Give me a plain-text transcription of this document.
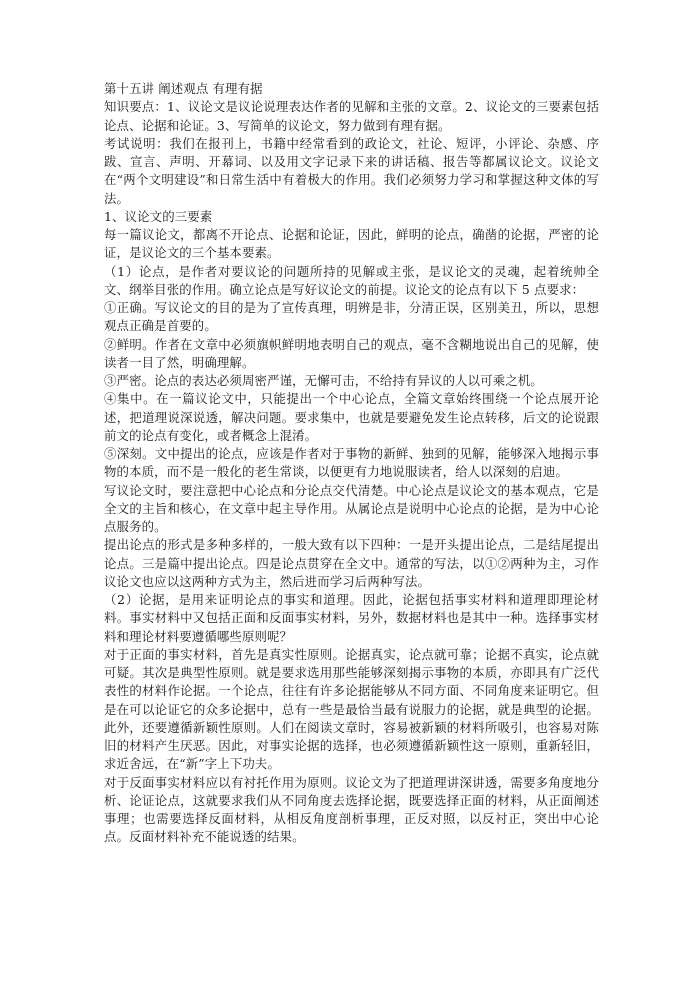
第十五讲 阐述观点 有理有据

知识要点：1、议论文是议论说理表达作者的见解和主张的文章。2、议论文的三要素包括论点、论据和论证。3、写简单的议论文，努力做到有理有据。

考试说明：我们在报刊上，书籍中经常看到的政论文，社论、短评，小评论、杂感、序跋、宣言、声明、开幕词、以及用文字记录下来的讲话稿、报告等都属议论文。议论文在“两个文明建设”和日常生活中有着极大的作用。我们必须努力学习和掌握这种文体的写法。

1、议论文的三要素

每一篇议论文，都离不开论点、论据和论证，因此，鲜明的论点，确凿的论据，严密的论证，是议论文的三个基本要素。

（1）论点，是作者对要议论的问题所持的见解或主张，是议论文的灵魂，起着统帅全文、纲举目张的作用。确立论点是写好议论文的前提。议论文的论点有以下 5 点要求：

①正确。写议论文的目的是为了宣传真理，明辨是非，分清正误，区别美丑，所以，思想观点正确是首要的。

②鲜明。作者在文章中必须旗帜鲜明地表明自己的观点，毫不含糊地说出自己的见解，使读者一目了然，明确理解。

③严密。论点的表达必须周密严谨，无懈可击，不给持有异议的人以可乘之机。

④集中。在一篇议论文中，只能提出一个中心论点，全篇文章始终围绕一个论点展开论述，把道理说深说透，解决问题。要求集中，也就是要避免发生论点转移，后文的论说跟前文的论点有变化，或者概念上混淆。

⑤深刻。文中提出的论点，应该是作者对于事物的新鲜、独到的见解，能够深入地揭示事物的本质，而不是一般化的老生常谈，以便更有力地说服读者，给人以深刻的启迪。

写议论文时，要注意把中心论点和分论点交代清楚。中心论点是议论文的基本观点，它是全文的主旨和核心，在文章中起主导作用。从属论点是说明中心论点的论据，是为中心论点服务的。

提出论点的形式是多种多样的，一般大致有以下四种：一是开头提出论点，二是结尾提出论点。三是篇中提出论点。四是论点贯穿在全文中。通常的写法，以①②两种为主，习作议论文也应以这两种方式为主，然后进而学习后两种写法。

（2）论据，是用来证明论点的事实和道理。因此，论据包括事实材料和道理即理论材料。事实材料中又包括正面和反面事实材料，另外，数据材料也是其中一种。选择事实材料和理论材料要遵循哪些原则呢？

对于正面的事实材料，首先是真实性原则。论据真实，论点就可靠；论据不真实，论点就可疑。其次是典型性原则。就是要求选用那些能够深刻揭示事物的本质，亦即具有广泛代表性的材料作论据。一个论点，往往有许多论据能够从不同方面、不同角度来证明它。但是在可以论证它的众多论据中，总有一些是最恰当最有说服力的论据，就是典型的论据。此外，还要遵循新颖性原则。人们在阅读文章时，容易被新颖的材料所吸引，也容易对陈旧的材料产生厌恶。因此，对事实论据的选择，也必须遵循新颖性这一原则，重新轻旧，求近舍远，在“新”字上下功夫。

对于反面事实材料应以有衬托作用为原则。议论文为了把道理讲深讲透，需要多角度地分析、论证论点，这就要求我们从不同角度去选择论据，既要选择正面的材料，从正面阐述事理；也需要选择反面材料，从相反角度剖析事理，正反对照，以反衬正，突出中心论点。反面材料补充不能说透的结果。
